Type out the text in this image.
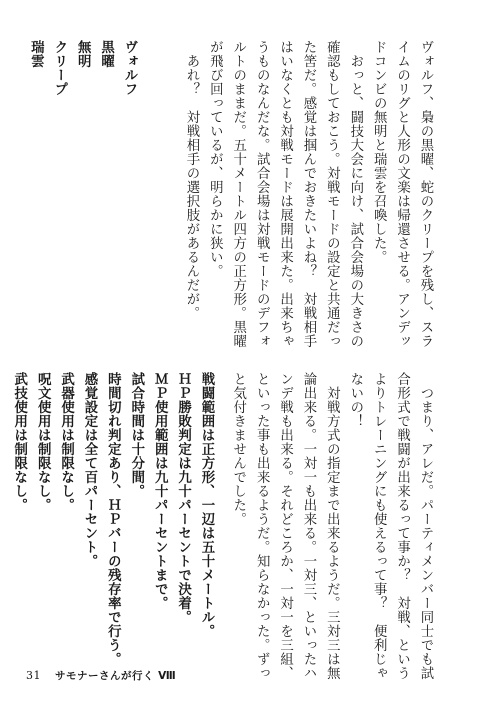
ヴォルフ、梟の黒曜、蛇のクリープを残し、スラ
イムのリグと人形の文楽は帰還させる。アンデッ
ドコンビの無明と瑞雲を召喚した。
　おっと、闘技大会に向け、試合会場の大きさの
確認もしておこう。対戦モードの設定と共通だっ
た筈だ。感覚は掴んでおきたいよね？　対戦相手
はいなくとも対戦モードは展開出来た。出来ちゃ
うものなんだな。試合会場は対戦モードのデフォ
ルトのままだ。五十メートル四方の正方形。黒曜
が飛び回っているが、明らかに狭い。
　あれ？　対戦相手の選択肢があるんだが。
ヴォルフ
黒曜
無明
クリープ
瑞雲
　つまり、アレだ。パーティメンバー同士でも試
合形式で戦闘が出来るって事か？　対戦、という
よりトレーニングにも使えるって事？　便利じゃ
ないの！
　対戦方式の指定まで出来るようだ。三対三は無
論出来る。一対一も出来る。一対三、といったハ
ンデ戦も出来る。それどころか、一対一を三組、
といった事も出来るようだ。知らなかった。ずっ
と気付きませんでした。
戦闘範囲は正方形、一辺は五十メートル。
ＨＰ勝敗判定は九十パーセントで決着。
ＭＰ使用範囲は九十パーセントまで。
試合時間は十分間。
時間切れ判定あり、ＨＰバーの残存率で行う。
感覚設定は全て百パーセント。
武器使用は制限なし。
呪文使用は制限なし。
武技使用は制限なし。
31 サモナーさんが行く Ⅷ
